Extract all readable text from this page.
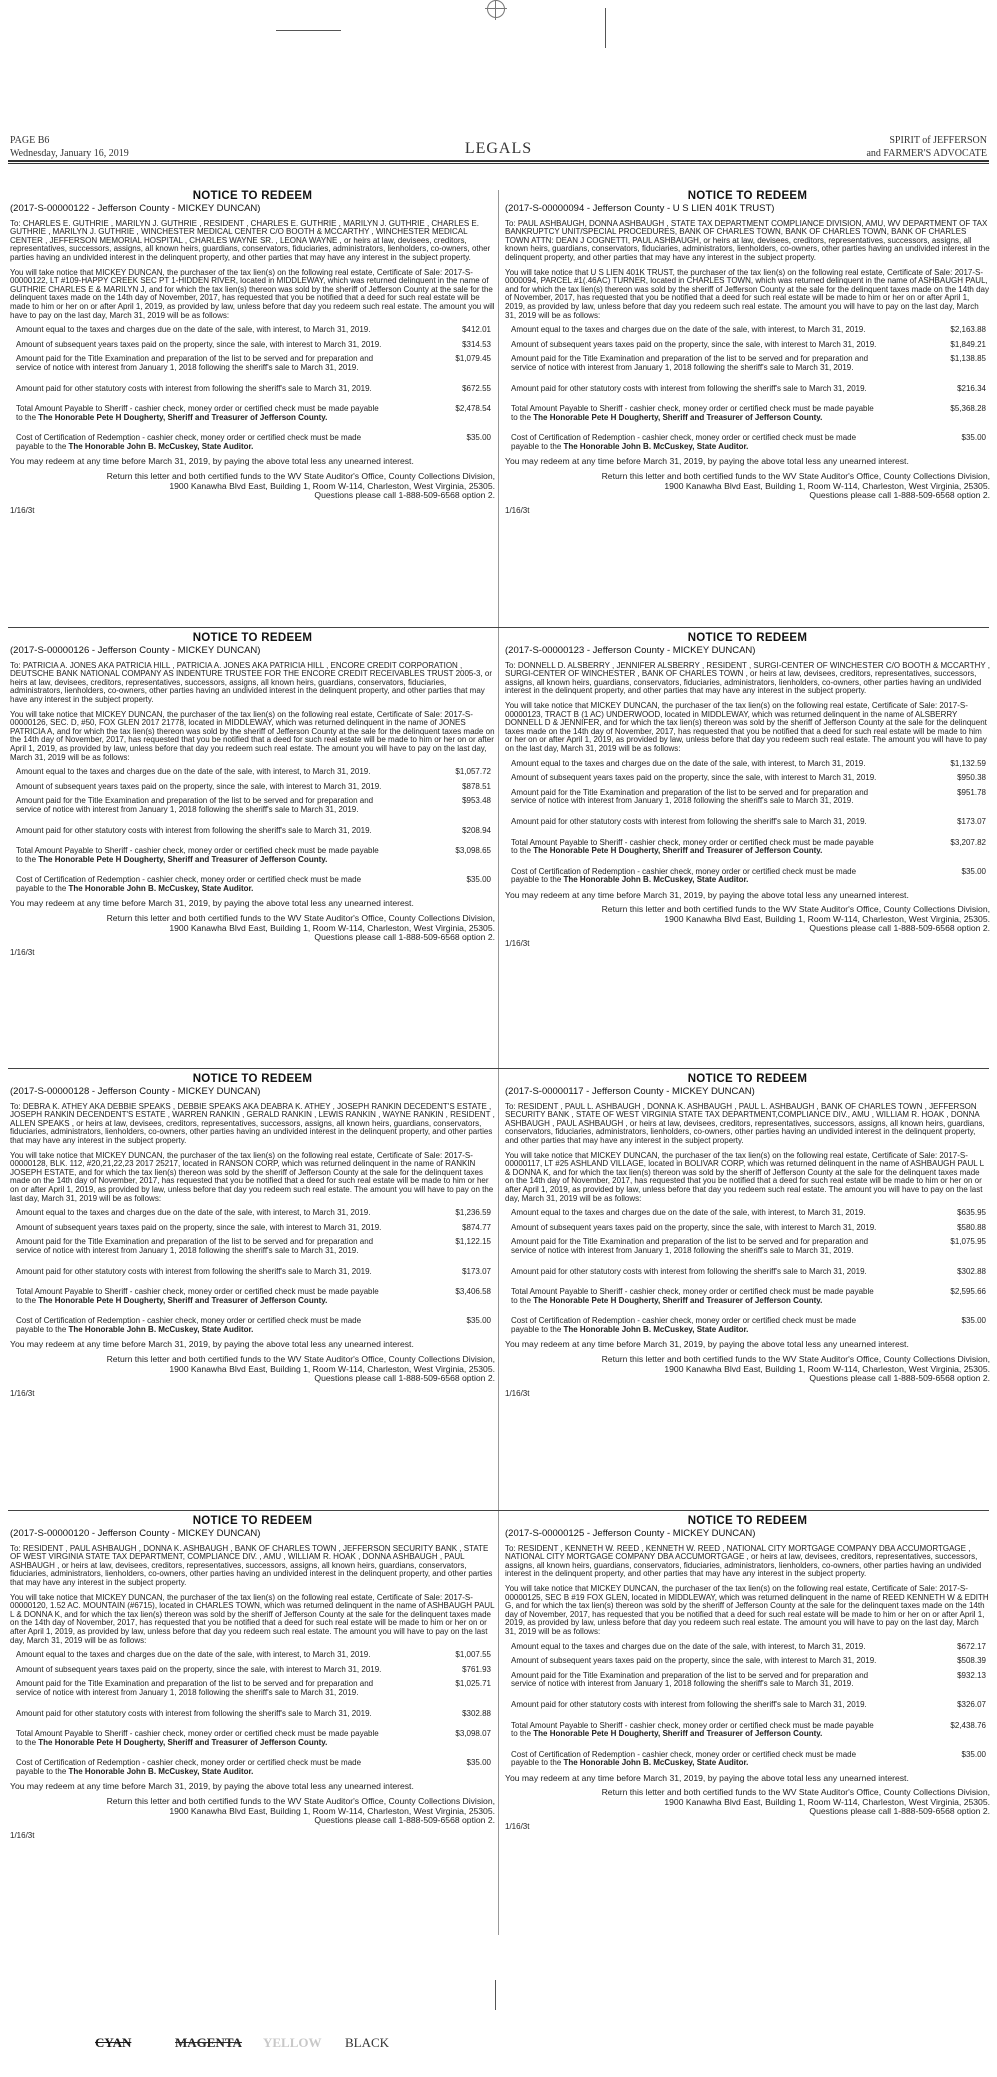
PAGE B6
Wednesday, January 16, 2019	LEGALS	SPIRIT of JEFFERSON
and FARMER'S ADVOCATE
NOTICE TO REDEEM
(2017-S-00000122 - Jefferson County - MICKEY DUNCAN)

To: CHARLES E. GUTHRIE , MARILYN J. GUTHRIE , RESIDENT , CHARLES E. GUTHRIE , MARILYN J. GUTHRIE , CHARLES E. GUTHRIE , MARILYN J. GUTHRIE , WINCHESTER MEDICAL CENTER C/O BOOTH & MCCARTHY , WINCHESTER MEDICAL CENTER , JEFFERSON MEMORIAL HOSPITAL , CHARLES WAYNE SR. , LEONA WAYNE , or heirs at law, devisees, creditors, representatives, successors, assigns, all known heirs, guardians, conservators, fiduciaries, administrators, lienholders, co-owners, other parties having an undivided interest in the delinquent property, and other parties that may have any interest in the subject property.

You will take notice that MICKEY DUNCAN, the purchaser of the tax lien(s) on the following real estate, Certificate of Sale: 2017-S-00000122, LT #109-HAPPY CREEK SEC PT 1-HIDDEN RIVER, located in MIDDLEWAY, which was returned delinquent in the name of GUTHRIE CHARLES E & MARILYN J, and for which the tax lien(s) thereon was sold by the sheriff of Jefferson County at the sale for the delinquent taxes made on the 14th day of November, 2017, has requested that you be notified that a deed for such real estate will be made to him or her on or after April 1, 2019, as provided by law, unless before that day you redeem such real estate. The amount you will have to pay on the last day, March 31, 2019 will be as follows:

Amount equal to the taxes and charges due on the date of the sale, with interest, to March 31, 2019.	$412.01
Amount of subsequent years taxes paid on the property, since the sale, with interest to March 31, 2019.	$314.53
Amount paid for the Title Examination and preparation of the list to be served and for preparation and service of notice with interest from January 1, 2018 following the sheriff's sale to March 31, 2019.
$1,079.45
Amount paid for other statutory costs with interest from following the sheriff's sale to March 31, 2019.	$672.55
Total Amount Payable to Sheriff - cashier check, money order or certified check must be made payable to the The Honorable Pete H Dougherty, Sheriff and Treasurer of Jefferson County.
$2,478.54
Cost of Certification of Redemption - cashier check, money order or certified check must be made payable to the The Honorable John B. McCuskey, State Auditor.
$35.00
You may redeem at any time before March 31, 2019, by paying the above total less any unearned interest.
Return this letter and both certified funds to the WV State Auditor's Office, County Collections Division,
1900 Kanawha Blvd East, Building 1, Room W-114, Charleston, West Virginia, 25305.
Questions please call 1-888-509-6568 option 2.
1/16/3t
NOTICE TO REDEEM
(2017-S-00000094 - Jefferson County - U S LIEN 401K TRUST)

To: PAUL ASHBAUGH, DONNA ASHBAUGH , STATE TAX DEPARTMENT COMPLIANCE DIVISION, AMU, WV DEPARTMENT OF TAX BANKRUPTCY UNIT/SPECIAL PROCEDURES, BANK OF CHARLES TOWN, BANK OF CHARLES TOWN, BANK OF CHARLES TOWN ATTN: DEAN J COGNETTI, PAUL ASHBAUGH, or heirs at law, devisees, creditors, representatives, successors, assigns, all known heirs, guardians, conservators, fiduciaries, administrators, lienholders, co-owners, other parties having an undivided interest in the delinquent property, and other parties that may have any interest in the subject property.

You will take notice that U S LIEN 401K TRUST, the purchaser of the tax lien(s) on the following real estate, Certificate of Sale: 2017-S-0000094, PARCEL #1(.46AC) TURNER, located in CHARLES TOWN, which was returned delinquent in the name of ASHBAUGH PAUL, and for which the tax lien(s) thereon was sold by the sheriff of Jefferson County at the sale for the delinquent taxes made on the 14th day of November, 2017, has requested that you be notified that a deed for such real estate will be made to him or her on or after April 1, 2019, as provided by law, unless before that day you redeem such real estate. The amount you will have to pay on the last day, March 31, 2019 will be as follows:

Amount equal to the taxes and charges due on the date of the sale, with interest, to March 31, 2019.	$2,163.88
Amount of subsequent years taxes paid on the property, since the sale, with interest to March 31, 2019.	$1,849.21
Amount paid for the Title Examination and preparation of the list to be served and for preparation and service of notice with interest from January 1, 2018 following the sheriff's sale to March 31, 2019.
$1,138.85
Amount paid for other statutory costs with interest from following the sheriff's sale to March 31, 2019.	$216.34
Total Amount Payable to Sheriff - cashier check, money order or certified check must be made payable to the The Honorable Pete H Dougherty, Sheriff and Treasurer of Jefferson County.
$5,368.28
Cost of Certification of Redemption - cashier check, money order or certified check must be made payable to the The Honorable John B. McCuskey, State Auditor.
$35.00
You may redeem at any time before March 31, 2019, by paying the above total less any unearned interest.
Return this letter and both certified funds to the WV State Auditor's Office, County Collections Division,
1900 Kanawha Blvd East, Building 1, Room W-114, Charleston, West Virginia, 25305.
Questions please call 1-888-509-6568 option 2.
1/16/3t
NOTICE TO REDEEM
(2017-S-00000126 - Jefferson County - MICKEY DUNCAN)

To: PATRICIA A. JONES AKA PATRICIA HILL , PATRICIA A. JONES AKA PATRICIA HILL , ENCORE CREDIT CORPORATION , DEUTSCHE BANK NATIONAL COMPANY AS INDENTURE TRUSTEE FOR THE ENCORE CREDIT RECEIVABLES TRUST 2005-3, or heirs at law, devisees, creditors, representatives, successors, assigns, all known heirs, guardians, conservators, fiduciaries, administrators, lienholders, co-owners, other parties having an undivided interest in the delinquent property, and other parties that may have any interest in the subject property.

You will take notice that MICKEY DUNCAN, the purchaser of the tax lien(s) on the following real estate, Certificate of Sale: 2017-S-00000126, SEC. D, #50, FOX GLEN 2017 21778, located in MIDDLEWAY, which was returned delinquent in the name of JONES PATRICIA A, and for which the tax lien(s) thereon was sold by the sheriff of Jefferson County at the sale for the delinquent taxes made on the 14th day of November, 2017, has requested that you be notified that a deed for such real estate will be made to him or her on or after April 1, 2019, as provided by law, unless before that day you redeem such real estate. The amount you will have to pay on the last day, March 31, 2019 will be as follows:

Amount equal to the taxes and charges due on the date of the sale, with interest, to March 31, 2019.	$1,057.72
Amount of subsequent years taxes paid on the property, since the sale, with interest to March 31, 2019.	$878.51
Amount paid for the Title Examination and preparation of the list to be served and for preparation and service of notice with interest from January 1, 2018 following the sheriff's sale to March 31, 2019.
$953.48
Amount paid for other statutory costs with interest from following the sheriff's sale to March 31, 2019.	$208.94
Total Amount Payable to Sheriff - cashier check, money order or certified check must be made payable to the The Honorable Pete H Dougherty, Sheriff and Treasurer of Jefferson County.
$3,098.65
Cost of Certification of Redemption - cashier check, money order or certified check must be made payable to the The Honorable John B. McCuskey, State Auditor.
$35.00
You may redeem at any time before March 31, 2019, by paying the above total less any unearned interest.
Return this letter and both certified funds to the WV State Auditor's Office, County Collections Division,
1900 Kanawha Blvd East, Building 1, Room W-114, Charleston, West Virginia, 25305.
Questions please call 1-888-509-6568 option 2.
1/16/3t
NOTICE TO REDEEM
(2017-S-00000123 - Jefferson County - MICKEY DUNCAN)

To: DONNELL D. ALSBERRY , JENNIFER ALSBERRY , RESIDENT , SURGI-CENTER OF WINCHESTER C/O BOOTH & MCCARTHY , SURGI-CENTER OF WINCHESTER , BANK OF CHARLES TOWN , or heirs at law, devisees, creditors, representatives, successors, assigns, all known heirs, guardians, conservators, fiduciaries, administrators, lienholders, co-owners, other parties having an undivided interest in the delinquent property, and other parties that may have any interest in the subject property.

You will take notice that MICKEY DUNCAN, the purchaser of the tax lien(s) on the following real estate, Certificate of Sale: 2017-S-00000123, TRACT B (1 AC) UNDERWOOD, located in MIDDLEWAY, which was returned delinquent in the name of ALSBERRY DONNELL D & JENNIFER, and for which the tax lien(s) thereon was sold by the sheriff of Jefferson County at the sale for the delinquent taxes made on the 14th day of November, 2017, has requested that you be notified that a deed for such real estate will be made to him or her on or after April 1, 2019, as provided by law, unless before that day you redeem such real estate. The amount you will have to pay on the last day, March 31, 2019 will be as follows:

Amount equal to the taxes and charges due on the date of the sale, with interest, to March 31, 2019.	$1,132.59
Amount of subsequent years taxes paid on the property, since the sale, with interest to March 31, 2019.	$950.38
Amount paid for the Title Examination and preparation of the list to be served and for preparation and service of notice with interest from January 1, 2018 following the sheriff's sale to March 31, 2019.
$951.78
Amount paid for other statutory costs with interest from following the sheriff's sale to March 31, 2019.	$173.07
Total Amount Payable to Sheriff - cashier check, money order or certified check must be made payable to the The Honorable Pete H Dougherty, Sheriff and Treasurer of Jefferson County.
$3,207.82
Cost of Certification of Redemption - cashier check, money order or certified check must be made payable to the The Honorable John B. McCuskey, State Auditor.
$35.00
You may redeem at any time before March 31, 2019, by paying the above total less any unearned interest.
Return this letter and both certified funds to the WV State Auditor's Office, County Collections Division,
1900 Kanawha Blvd East, Building 1, Room W-114, Charleston, West Virginia, 25305.
Questions please call 1-888-509-6568 option 2.
1/16/3t
NOTICE TO REDEEM
(2017-S-00000128 - Jefferson County - MICKEY DUNCAN)

To: DEBRA K. ATHEY AKA DEBBIE SPEAKS , DEBBIE SPEAKS AKA DEABRA K. ATHEY , JOSEPH RANKIN DECEDENT'S ESTATE , JOSEPH RANKIN DECENDENT'S ESTATE , WARREN RANKIN , GERALD RANKIN , LEWIS RANKIN , WAYNE RANKIN , RESIDENT , ALLEN SPEAKS , or heirs at law, devisees, creditors, representatives, successors, assigns, all known heirs, guardians, conservators, fiduciaries, administrators, lienholders, co-owners, other parties having an undivided interest in the delinquent property, and other parties that may have any interest in the subject property.

You will take notice that MICKEY DUNCAN, the purchaser of the tax lien(s) on the following real estate, Certificate of Sale: 2017-S-00000128, BLK. 112, #20,21,22,23 2017 25217, located in RANSON CORP, which was returned delinquent in the name of RANKIN JOSEPH ESTATE, and for which the tax lien(s) thereon was sold by the sheriff of Jefferson County at the sale for the delinquent taxes made on the 14th day of November, 2017, has requested that you be notified that a deed for such real estate will be made to him or her on or after April 1, 2019, as provided by law, unless before that day you redeem such real estate. The amount you will have to pay on the last day, March 31, 2019 will be as follows:

Amount equal to the taxes and charges due on the date of the sale, with interest, to March 31, 2019.	$1,236.59
Amount of subsequent years taxes paid on the property, since the sale, with interest to March 31, 2019.	$874.77
Amount paid for the Title Examination and preparation of the list to be served and for preparation and service of notice with interest from January 1, 2018 following the sheriff's sale to March 31, 2019.
$1,122.15
Amount paid for other statutory costs with interest from following the sheriff's sale to March 31, 2019.	$173.07
Total Amount Payable to Sheriff - cashier check, money order or certified check must be made payable to the The Honorable Pete H Dougherty, Sheriff and Treasurer of Jefferson County.
$3,406.58
Cost of Certification of Redemption - cashier check, money order or certified check must be made payable to the The Honorable John B. McCuskey, State Auditor.
$35.00
You may redeem at any time before March 31, 2019, by paying the above total less any unearned interest.
Return this letter and both certified funds to the WV State Auditor's Office, County Collections Division,
1900 Kanawha Blvd East, Building 1, Room W-114, Charleston, West Virginia, 25305.
Questions please call 1-888-509-6568 option 2.
1/16/3t
NOTICE TO REDEEM
(2017-S-00000117 - Jefferson County - MICKEY DUNCAN)

To: RESIDENT , PAUL L. ASHBAUGH , DONNA K. ASHBAUGH , PAUL L. ASHBAUGH , BANK OF CHARLES TOWN , JEFFERSON SECURITY BANK , STATE OF WEST VIRGINIA STATE TAX DEPARTMENT,COMPLIANCE DIV., AMU , WILLIAM R. HOAK , DONNA ASHBAUGH , PAUL ASHBAUGH , or heirs at law, devisees, creditors, representatives, successors, assigns, all known heirs, guardians, conservators, fiduciaries, administrators, lienholders, co-owners, other parties having an undivided interest in the delinquent property, and other parties that may have any interest in the subject property.

You will take notice that MICKEY DUNCAN, the purchaser of the tax lien(s) on the following real estate, Certificate of Sale: 2017-S-00000117, LT #25 ASHLAND VILLAGE, located in BOLIVAR CORP, which was returned delinquent in the name of ASHBAUGH PAUL L & DONNA K, and for which the tax lien(s) thereon was sold by the sheriff of Jefferson County at the sale for the delinquent taxes made on the 14th day of November, 2017, has requested that you be notified that a deed for such real estate will be made to him or her on or after April 1, 2019, as provided by law, unless before that day you redeem such real estate. The amount you will have to pay on the last day, March 31, 2019 will be as follows:

Amount equal to the taxes and charges due on the date of the sale, with interest, to March 31, 2019.	$635.95
Amount of subsequent years taxes paid on the property, since the sale, with interest to March 31, 2019.	$580.88
Amount paid for the Title Examination and preparation of the list to be served and for preparation and service of notice with interest from January 1, 2018 following the sheriff's sale to March 31, 2019.
$1,075.95
Amount paid for other statutory costs with interest from following the sheriff's sale to March 31, 2019.	$302.88
Total Amount Payable to Sheriff - cashier check, money order or certified check must be made payable to the The Honorable Pete H Dougherty, Sheriff and Treasurer of Jefferson County.
$2,595.66
Cost of Certification of Redemption - cashier check, money order or certified check must be made payable to the The Honorable John B. McCuskey, State Auditor.
$35.00
You may redeem at any time before March 31, 2019, by paying the above total less any unearned interest.
Return this letter and both certified funds to the WV State Auditor's Office, County Collections Division,
1900 Kanawha Blvd East, Building 1, Room W-114, Charleston, West Virginia, 25305.
Questions please call 1-888-509-6568 option 2.
1/16/3t
NOTICE TO REDEEM
(2017-S-00000120 - Jefferson County - MICKEY DUNCAN)

To: RESIDENT , PAUL ASHBAUGH , DONNA K. ASHBAUGH , BANK OF CHARLES TOWN , JEFFERSON SECURITY BANK , STATE OF WEST VIRGINIA STATE TAX DEPARTMENT, COMPLIANCE DIV. , AMU , WILLIAM R. HOAK , DONNA ASHBAUGH , PAUL ASHBAUGH , or heirs at law, devisees, creditors, representatives, successors, assigns, all known heirs, guardians, conservators, fiduciaries, administrators, lienholders, co-owners, other parties having an undivided interest in the delinquent property, and other parties that may have any interest in the subject property.

You will take notice that MICKEY DUNCAN, the purchaser of the tax lien(s) on the following real estate, Certificate of Sale: 2017-S-00000120, 1.52 AC. MOUNTAIN (#6715), located in CHARLES TOWN, which was returned delinquent in the name of ASHBAUGH PAUL L & DONNA K, and for which the tax lien(s) thereon was sold by the sheriff of Jefferson County at the sale for the delinquent taxes made on the 14th day of November, 2017, has requested that you be notified that a deed for such real estate will be made to him or her on or after April 1, 2019, as provided by law, unless before that day you redeem such real estate. The amount you will have to pay on the last day, March 31, 2019 will be as follows:

Amount equal to the taxes and charges due on the date of the sale, with interest, to March 31, 2019.	$1,007.55
Amount of subsequent years taxes paid on the property, since the sale, with interest to March 31, 2019.	$761.93
Amount paid for the Title Examination and preparation of the list to be served and for preparation and service of notice with interest from January 1, 2018 following the sheriff's sale to March 31, 2019.
$1,025.71
Amount paid for other statutory costs with interest from following the sheriff's sale to March 31, 2019.	$302.88
Total Amount Payable to Sheriff - cashier check, money order or certified check must be made payable to the The Honorable Pete H Dougherty, Sheriff and Treasurer of Jefferson County.
$3,098.07
Cost of Certification of Redemption - cashier check, money order or certified check must be made payable to the The Honorable John B. McCuskey, State Auditor.
$35.00
You may redeem at any time before March 31, 2019, by paying the above total less any unearned interest.
Return this letter and both certified funds to the WV State Auditor's Office, County Collections Division,
1900 Kanawha Blvd East, Building 1, Room W-114, Charleston, West Virginia, 25305.
Questions please call 1-888-509-6568 option 2.
1/16/3t
NOTICE TO REDEEM
(2017-S-00000125 - Jefferson County - MICKEY DUNCAN)

To: RESIDENT , KENNETH W. REED , KENNETH W. REED , NATIONAL CITY MORTGAGE COMPANY DBA ACCUMORTGAGE , NATIONAL CITY MORTGAGE COMPANY DBA ACCUMORTGAGE , or heirs at law, devisees, creditors, representatives, successors, assigns, all known heirs, guardians, conservators, fiduciaries, administrators, lienholders, co-owners, other parties having an undivided interest in the delinquent property, and other parties that may have any interest in the subject property.

You will take notice that MICKEY DUNCAN, the purchaser of the tax lien(s) on the following real estate, Certificate of Sale: 2017-S-00000125, SEC B #19 FOX GLEN, located in MIDDLEWAY, which was returned delinquent in the name of REED KENNETH W & EDITH G, and for which the tax lien(s) thereon was sold by the sheriff of Jefferson County at the sale for the delinquent taxes made on the 14th day of November, 2017, has requested that you be notified that a deed for such real estate will be made to him or her on or after April 1, 2019, as provided by law, unless before that day you redeem such real estate. The amount you will have to pay on the last day, March 31, 2019 will be as follows:

Amount equal to the taxes and charges due on the date of the sale, with interest, to March 31, 2019.	$672.17
Amount of subsequent years taxes paid on the property, since the sale, with interest to March 31, 2019.	$508.39
Amount paid for the Title Examination and preparation of the list to be served and for preparation and service of notice with interest from January 1, 2018 following the sheriff's sale to March 31, 2019.
$932.13
Amount paid for other statutory costs with interest from following the sheriff's sale to March 31, 2019.	$326.07
Total Amount Payable to Sheriff - cashier check, money order or certified check must be made payable to the The Honorable Pete H Dougherty, Sheriff and Treasurer of Jefferson County.
$2,438.76
Cost of Certification of Redemption - cashier check, money order or certified check must be made payable to the The Honorable John B. McCuskey, State Auditor.
$35.00
You may redeem at any time before March 31, 2019, by paying the above total less any unearned interest.
Return this letter and both certified funds to the WV State Auditor's Office, County Collections Division,
1900 Kanawha Blvd East, Building 1, Room W-114, Charleston, West Virginia, 25305.
Questions please call 1-888-509-6568 option 2.
1/16/3t
CYAN	MAGENTA YELLOW BLACK
